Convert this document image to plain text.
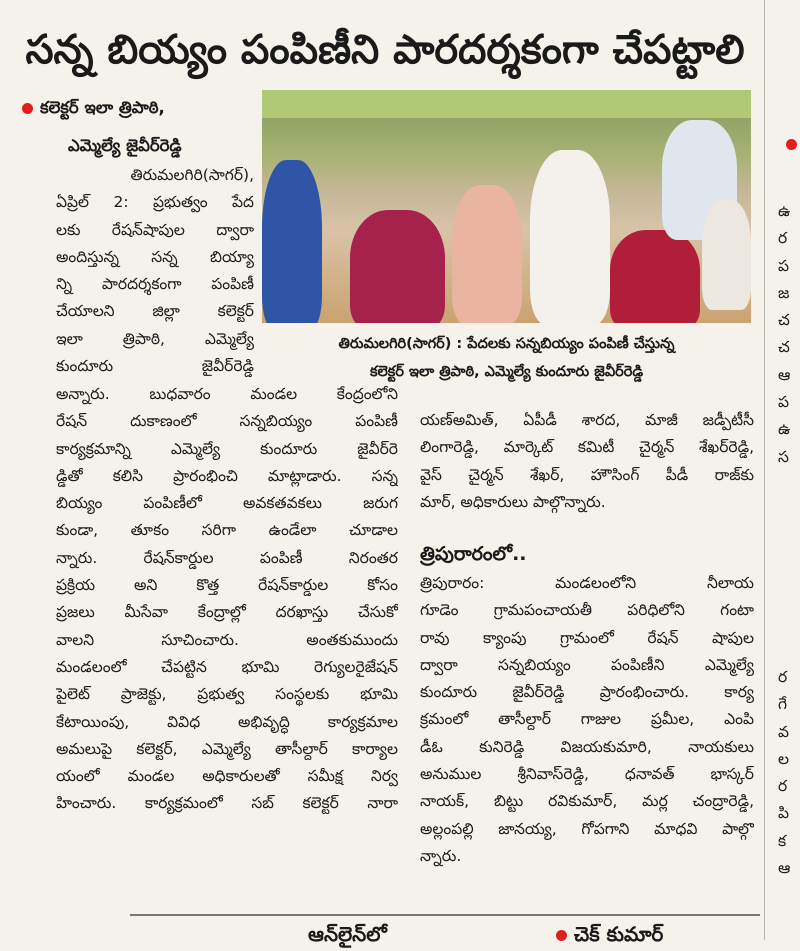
సన్న బియ్యం పంపిణీని పారదర్శకంగా చేపట్టాలి
కలెక్టర్ ఇలా త్రిపాఠి,
ఎమ్మెల్యే జైవీర్‌రెడ్డి

తిరుమలగిరి(సాగర్),

ఏప్రిల్ 2: ప్రభుత్వం పేద

లకు రేషన్‌షాపుల ద్వారా

అందిస్తున్న సన్న బియ్యా

న్ని పారదర్శకంగా పంపిణీ

చేయాలని జిల్లా కలెక్టర్

ఇలా త్రిపాఠి, ఎమ్మెల్యే

కుందూరు జైవీర్‌రెడ్డి

తిరుమలగిరి(సాగర్) : పేదలకు సన్నబియ్యం పంపిణీ చేస్తున్న

కలెక్టర్ ఇలా త్రిపాఠి, ఎమ్మెల్యే కుందూరు జైవీర్‌రెడ్డి

అన్నారు. బుధవారం మండల కేంద్రంలోని

రేషన్ దుకాణంలో సన్నబియ్యం పంపిణీ

కార్యక్రమాన్ని ఎమ్మెల్యే కుందూరు జైవీర్‌రె

డ్డితో కలిసి ప్రారంభించి మాట్లాడారు. సన్న

బియ్యం పంపిణీలో అవకతవకలు జరుగ

కుండా, తూకం సరిగా ఉండేలా చూడాల

న్నారు. రేషన్‌కార్డుల పంపిణీ నిరంతర

ప్రక్రియ అని కొత్త రేషన్‌కార్డుల కోసం

ప్రజలు మీసేవా కేంద్రాల్లో దరఖాస్తు చేసుకో

వాలని సూచించారు. అంతకుముందు

మండలంలో చేపట్టిన భూమి రెగ్యులరైజేషన్

పైలెట్ ప్రాజెక్టు, ప్రభుత్వ సంస్థలకు భూమి

కేటాయింపు, వివిధ అభివృద్ధి కార్యక్రమాల

అమలుపై కలెక్టర్, ఎమ్మెల్యే తాసీల్దార్ కార్యాల

యంలో మండల అధికారులతో సమీక్ష నిర్వ

హించారు. కార్యక్రమంలో సబ్ కలెక్టర్ నారా

యణ్‌అమిత్, ఏపీడీ శారద, మాజీ జడ్పీటీసీ

లింగారెడ్డి, మార్కెట్ కమిటీ చైర్మన్ శేఖర్‌రెడ్డి,

వైస్ చైర్మన్ శేఖర్, హౌసింగ్ పీడీ రాజ్‌కు

మార్, అధికారులు పాల్గొన్నారు.

త్రిపురారంలో..

త్రిపురారం: మండలంలోని నీలాయ

గూడెం గ్రామపంచాయతీ పరిధిలోని గంటా

రావు క్యాంపు గ్రామంలో రేషన్ షాపుల

ద్వారా సన్నబియ్యం పంపిణీని ఎమ్మెల్యే

కుందూరు జైవీర్‌రెడ్డి ప్రారంభించారు. కార్య

క్రమంలో తాసీల్దార్ గాజుల ప్రమీల, ఎంపి

డీఓ కునిరెడ్డి విజయకుమారి, నాయకులు

అనుముల శ్రీనివాస్‌రెడ్డి, ధనావత్ భాస్కర్

నాయక్, బిట్టు రవికుమార్, మర్ల చంద్రారెడ్డి,

అల్లంపల్లి జానయ్య, గోపగాని మాధవి పాల్గొ

న్నారు.

ఉ

ర

ప

జ

చ

చ

ఆ

ప

ఉ

స

ర

గే

వ

ల

ర

పి

క

ఆ

ఆన్‌లైన్‌లో	చెక్ కుమార్
